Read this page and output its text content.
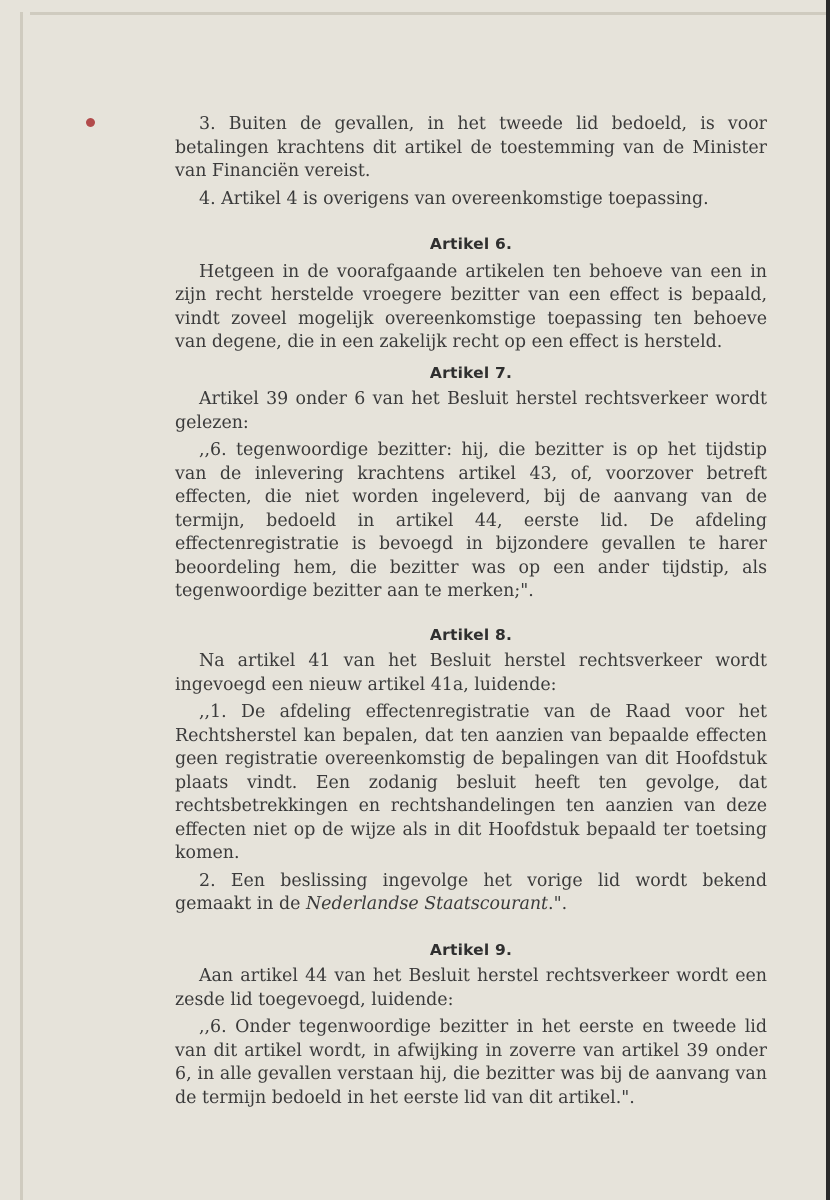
3. Buiten de gevallen, in het tweede lid bedoeld, is voor betalingen krachtens dit artikel de toestemming van de Minister van Financiën vereist.

4. Artikel 4 is overigens van overeenkomstige toepassing.

Artikel 6.

Hetgeen in de voorafgaande artikelen ten behoeve van een in zijn recht herstelde vroegere bezitter van een effect is bepaald, vindt zoveel mogelijk overeenkomstige toepassing ten behoeve van degene, die in een zakelijk recht op een effect is hersteld.

Artikel 7.

Artikel 39 onder 6 van het Besluit herstel rechtsverkeer wordt gelezen:

,,6. tegenwoordige bezitter: hij, die bezitter is op het tijdstip van de inlevering krachtens artikel 43, of, voorzover betreft effecten, die niet worden ingeleverd, bij de aanvang van de termijn, bedoeld in artikel 44, eerste lid. De afdeling effectenregistratie is bevoegd in bijzondere gevallen te harer beoordeling hem, die bezitter was op een ander tijdstip, als tegenwoordige bezitter aan te merken;".

Artikel 8.

Na artikel 41 van het Besluit herstel rechtsverkeer wordt ingevoegd een nieuw artikel 41a, luidende:

,,1. De afdeling effectenregistratie van de Raad voor het Rechtsherstel kan bepalen, dat ten aanzien van bepaalde effecten geen registratie overeenkomstig de bepalingen van dit Hoofdstuk plaats vindt. Een zodanig besluit heeft ten gevolge, dat rechtsbetrekkingen en rechtshandelingen ten aanzien van deze effecten niet op de wijze als in dit Hoofdstuk bepaald ter toetsing komen.

2. Een beslissing ingevolge het vorige lid wordt bekend gemaakt in de Nederlandse Staatscourant.".

Artikel 9.

Aan artikel 44 van het Besluit herstel rechtsverkeer wordt een zesde lid toegevoegd, luidende:

,,6. Onder tegenwoordige bezitter in het eerste en tweede lid van dit artikel wordt, in afwijking in zoverre van artikel 39 onder 6, in alle gevallen verstaan hij, die bezitter was bij de aanvang van de termijn bedoeld in het eerste lid van dit artikel.".
